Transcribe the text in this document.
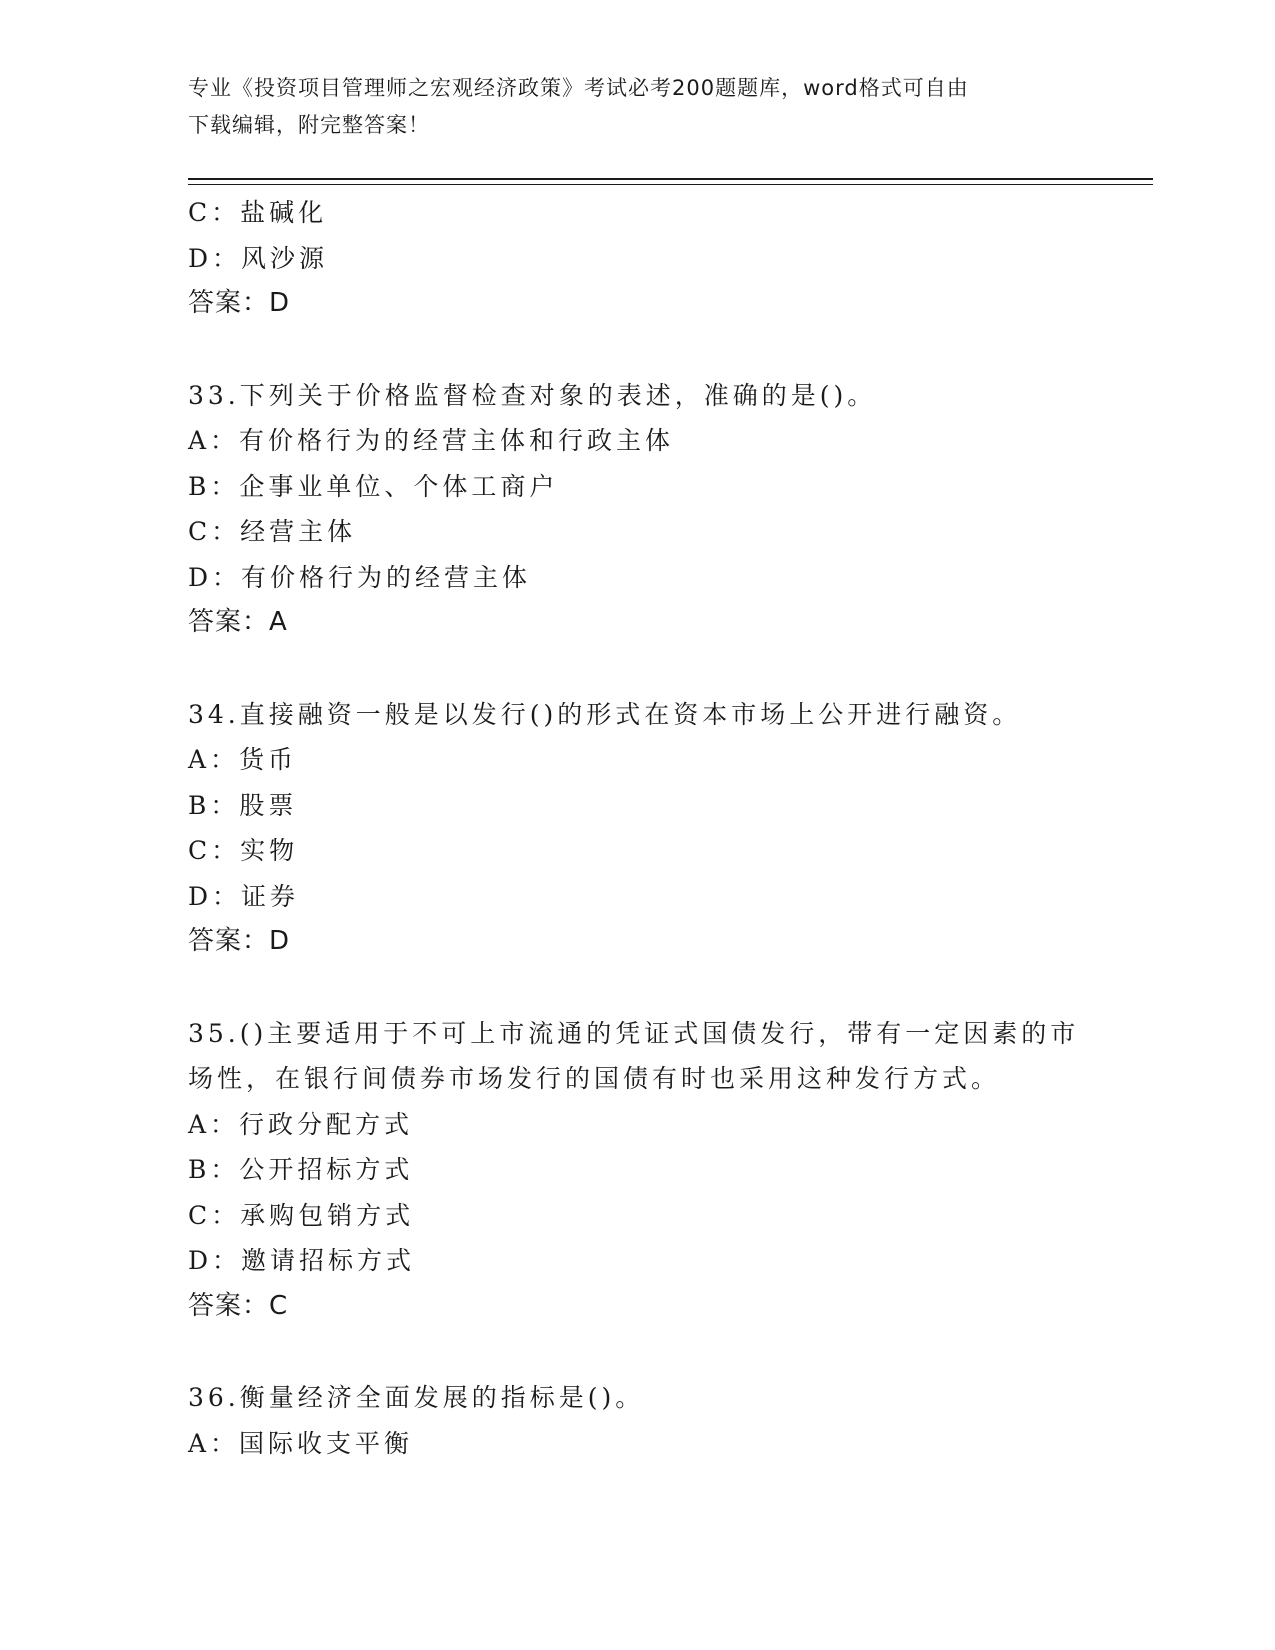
专业《投资项目管理师之宏观经济政策》考试必考200题题库，word格式可自由
下载编辑，附完整答案！
C：盐碱化
D：风沙源
答案：D
33.下列关于价格监督检查对象的表述，准确的是()。
A：有价格行为的经营主体和行政主体
B：企事业单位、个体工商户
C：经营主体
D：有价格行为的经营主体
答案：A
34.直接融资一般是以发行()的形式在资本市场上公开进行融资。
A：货币
B：股票
C：实物
D：证券
答案：D
35.()主要适用于不可上市流通的凭证式国债发行，带有一定因素的市
场性，在银行间债券市场发行的国债有时也采用这种发行方式。
A：行政分配方式
B：公开招标方式
C：承购包销方式
D：邀请招标方式
答案：C
36.衡量经济全面发展的指标是()。
A：国际收支平衡
